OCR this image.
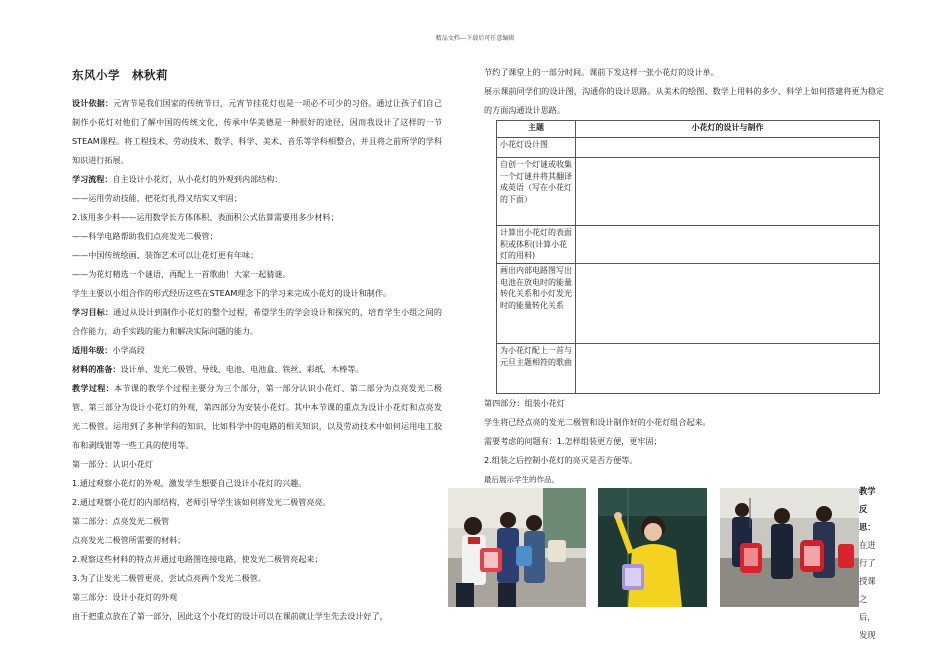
精品文档---下载后可任意编辑
东风小学　林秋莉
设计依据：元宵节是我们国家的传统节日，元宵节挂花灯也是一项必不可少的习俗。通过让孩子们自己制作小花灯对他们了解中国的传统文化，传承中华美德是一种很好的途径，因而我设计了这样的一节STEAM课程。将工程技术、劳动技术、数学、科学、美术、音乐等学科相整合，并且将之前所学的学科知识进行拓展。
学习流程：自主设计小花灯，从小花灯的外观到内部结构：
——运用劳动技能，把花灯扎得又结实又牢固；
2.该用多少料——运用数学长方体体积、表面积公式估算需要用多少材料；
——科学电路帮助我们点亮发光二极管；
——中国传统绘画、装饰艺术可以让花灯更有年味；
——为花灯精选一个谜语，再配上一首歌曲！大家一起猜谜。
学生主要以小组合作的形式经历这些在STEAM理念下的学习来完成小花灯的设计和制作。
学习目标：通过从设计到制作小花灯的整个过程，希望学生的学会设计和探究的，培育学生小组之间的合作能力，动手实践的能力和解决实际问题的能力。
适用年级：小学高段
材料的准备：设计单、发光二极管、导线、电池、电池盒、铁丝、彩纸、木棒等。
教学过程：本节课的教学个过程主要分为三个部分，第一部分认识小花灯、第二部分为点亮发光二极管、第三部分为设计小花灯的外观，第四部分为安装小花灯。其中本节课的重点为设计小花灯和点亮发光二极管。运用到了多种学科的知识，比如科学中的电路的相关知识，以及劳动技术中如何运用电工胶布和剥线钳等一些工具的使用等。
第一部分：认识小花灯
1.通过观察小花灯的外观，激发学生想要自己设计小花灯的兴趣。
2.通过观察小花灯的内部结构，老师引导学生该如何将发光二极管亮亮。
第二部分：点亮发光二极管
点亮发光二极管所需要的材料；
2.观察这些材料的特点并通过电路图连接电路，使发光二极管亮起来；
3.为了让发光二极管更亮，尝试点亮两个发光二极管。
第三部分：设计小花灯的外观
由于把重点放在了第一部分，因此这个小花灯的设计可以在课前就让学生先去设计好了，
节约了课堂上的一部分时间。课前下发这样一张小花灯的设计单。
展示课前同学们的设计图，沟通你的设计思路。从美术的绘图、数学上用料的多少、科学上如何搭建将更为稳定的方面沟通设计思路。
主题	小花灯的设计与制作
小花灯设计图	
自创一个灯谜或收集一个灯谜并将其翻译成英语（写在小花灯的下面）	
计算出小花灯的表面积或体积(计算小花灯的用料)	
画出内部电路图写出电池在放电时的能量转化关系和小灯发光时的能量转化关系	
为小花灯配上一首与元旦主题相符的歌曲	
第四部分：组装小花灯
学生将已经点亮的发光二极管和设计制作好的小花灯组合起来。
需要考虑的问题有：1.怎样组装更方便，更牢固；
2.组装之后控制小花灯的亮灭是否方便等。
最后展示学生的作品。
教学反思：
在进行了授课之后，发现
